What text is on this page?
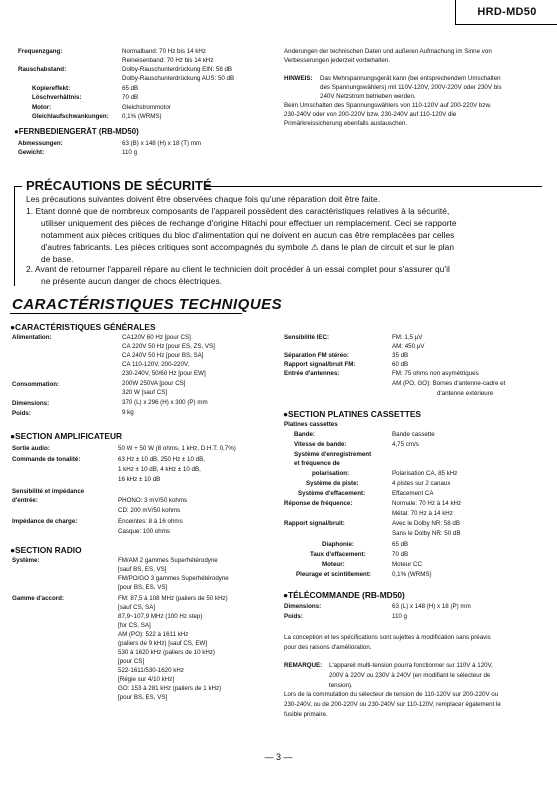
HRD-MD50
Frequenzgang:	Normalband: 70 Hz bis 14 kHz
Reineisenband: 70 Hz bis 14 kHz
Rauschabstand:	Dolby-Rauschunterdrückung EIN: 58 dB
Dolby-Rauschunterdrückung AUS: 50 dB
Kopiereffekt:	65 dB
Löschverhältnis:	70 dB
Motor:	Gleichstrommotor
Gleichlaufschwankungen: 0,1% (WRMS)
●FERNBEDIENGERÄT (RB-MD50)
Abmessungen:	63 (B) x 148 (H) x 18 (T) mm
Gewicht:	110 g
Anderungen der technischen Daten und außeren Aufmachung im Sinne von
Verbesserungen jederzeit vorbehalten.
HINWEIS: Das Mehrspannungsgerät kann (bei entsprechendem Umschalten
des Spannungswählers) mit 110V-120V, 200V-220V oder 230V bis
240V Netzstrom betrieben werden.
Beim Umschalten des Spannungswählers von 110-120V auf 200-220V bzw.
230-240V oder von 200-220V bzw. 230-240V auf 110-120V die
Primärkreissicherung ebenfalls austauschen.
PRÉCAUTIONS DE SÉCURITÉ
Les précautions suivantes doivent être observées chaque fois qu'une réparation doit être faite.
1. Etant donné que de nombreux composants de l'appareil possèdent des caractéristiques relatives à la sécurité,
utiliser uniquement des pièces de rechange d'origine Hitachi pour effectuer un remplacement. Ceci se rapporte
notamment aux pièces critiques du bloc d'alimentation qui ne doivent en aucun cas être remplacées par celles
d'autres fabricants. Les pièces critiques sont accompagnés du symbole ⚠ dans le plan de circuit et sur le plan
de base.
2. Avant de retourner l'appareil répare au client le technicien doit procéder à un essai complet pour s'assurer qu'il
ne présente aucun danger de chocs électriques.
CARACTÉRISTIQUES TECHNIQUES
●CARACTÉRISTIQUES GÉNÉRALES
Alimentation:	CA120V 60 Hz [pour CS]
CA 220V 50 Hz [pour ES, ZS, VS]
CA 240V 50 Hz [pour BS, SA]
CA 110-120V, 200-220V,
230-240V, 50/60 Hz [pour EW]
Consommation:	200W 250VA [pour CS]
320 W [sauf CS]
Dimensions:	370 (L) x 296 (H) x 300 (P) mm
Poids:	9 kg
●SECTION AMPLIFICATEUR
Sortie audio:	50 W + 50 W (8 ohms, 1 kHz, D.H.T. 0,7%)
Commande de tonalité:	63 Hz ± 10 dB, 250 Hz ± 10 dB,
1 kHz ± 10 dB, 4 kHz ± 10 dB,
16 kHz ± 10 dB
Sensibilité et impédance
d'entrée:	PHONO: 3 mV/50 kohms
CD: 200 mV/50 kohms
Impédance de charge:	Enceintes: 8 à 16 ohms
Casque: 100 ohms
●SECTION RADIO
Système:	FM/AM 2 gammes Superhétérodyne
[sauf BS, ES, VS]
FM/PO/GO 3 gammes Superhétérodyne
[pour BS, ES, VS]
Gamme d'accord:	FM: 87,5 à 108 MHz (paliers de 50 kHz)
[sauf CS, SA]
87,9~107,9 MHz (100 Hz step)
[for CS, SA]
AM (PO): 522 à 1611 kHz
(paliers de 9 kHz) [sauf CS, EW]
530 à 1620 kHz (paliers de 10 kHz)
[pour CS]
522-1611/530-1620 kHz
[Régie sur 4/10 kHz]
GO: 153 à 281 kHz (paliers de 1 kHz)
[pour BS, ES, VS]
Sensibilité IEC:	FM: 1,5 μV
AM: 450 μV
Séparation FM stéréo:	35 dB
Rapport signal/bruit FM:	60 dB
Entrée d'antennes:	FM: 75 ohms non asymétriques
AM (PO, GO): Bornes d'antenne-cadre et
d'antenne extérieure
●SECTION PLATINES CASSETTES
Platines cassettes
Bande:	Bande cassette
Vitesse de bande:	4,75 cm/s
Système d'enregistrement
et fréquence de
polarisation:	Polarisation CA, 85 kHz
Système de piste:	4 pistes sur 2 canaux
Système d'effacement:	Effacement CA
Réponse de fréquence:	Normale: 70 Hz à 14 kHz
Métal: 70 Hz à 14 kHz
Rapport signal/bruit:	Avec le Dolby NR: 58 dB
Sans le Dolby NR: 50 dB
Diaphonie:	65 dB
Taux d'effacement:	70 dB
Moteur:	Moteur CC
Pleurage et scintillement:	0,1% (WRMS)
●TÉLÉCOMMANDE (RB-MD50)
Dimensions:	63 (L) x 148 (H) x 18 (P) mm
Poids:	110 g
La conception et les spécifications sont sujettes à modification sans préavis
pour des raisons d'amélioration.
REMARQUE: L'appareil multi-tension pourra fonctionner sur 110V à 120V,
200V à 220V ou 230V à 240V (en modifiant le sélecteur de
tension).
Lors de la commutation du sélecteur de tension de 110-120V sur 200-220V ou
230-240V, ou de 200-220V ou 230-240V sur 110-120V, remplacer également le
fusible primaire.
— 3 —
